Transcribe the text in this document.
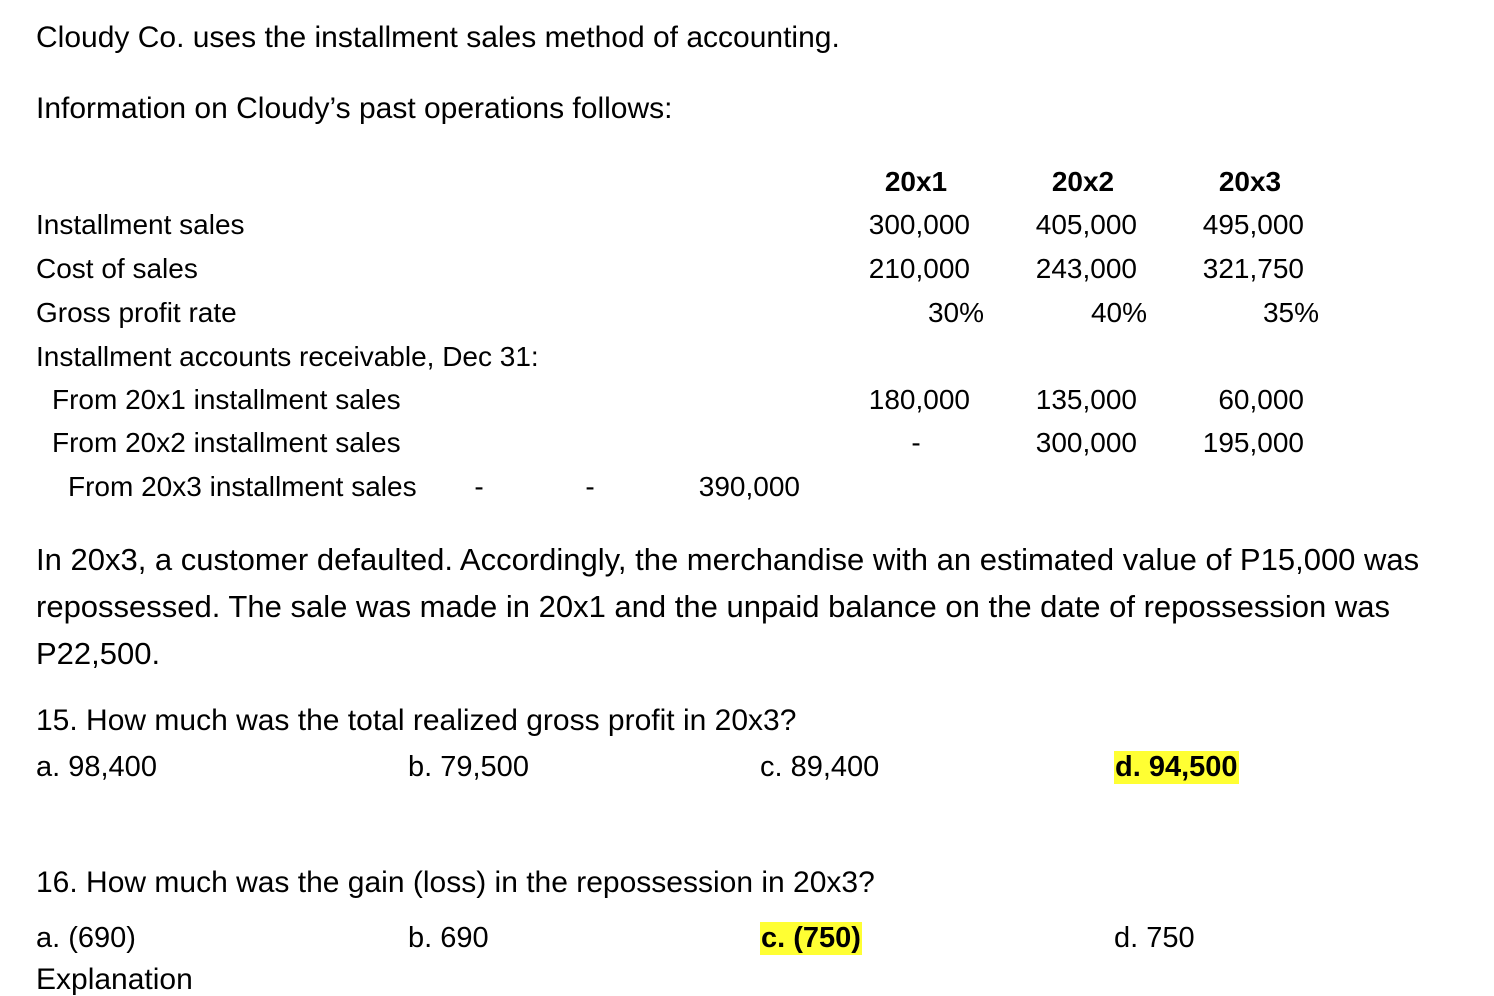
Cloudy Co. uses the installment sales method of accounting.
Information on Cloudy’s past operations follows:
20x1	20x2	20x3
Installment sales	300,000	405,000	495,000
Cost of sales	210,000	243,000	321,750
Gross profit rate	30%	40%	35%
Installment accounts receivable, Dec 31:
From 20x1 installment sales	180,000	135,000	60,000
From 20x2 installment sales	-	300,000	195,000
From 20x3 installment sales -	-	390,000
In 20x3, a customer defaulted. Accordingly, the merchandise with an estimated value of P15,000 was repossessed. The sale was made in 20x1 and the unpaid balance on the date of repossession was P22,500.
15. How much was the total realized gross profit in 20x3?
a. 98,400	b. 79,500	c. 89,400	d. 94,500
16. How much was the gain (loss) in the repossession in 20x3?
a. (690)	b. 690	c. (750)	d. 750
Explanation
